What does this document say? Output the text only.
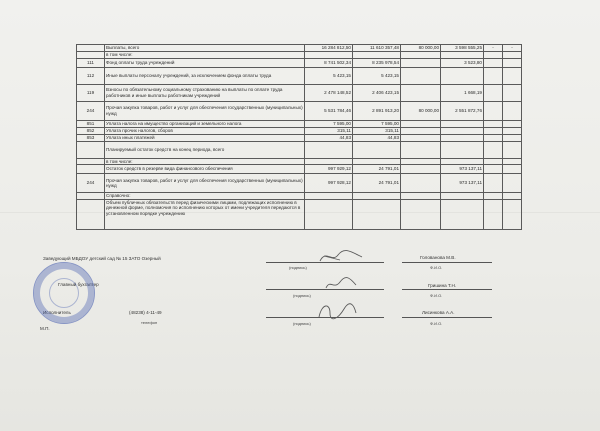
	Выплаты, всего	16 284 812,50	11 610 357,48	80 000,00	3 598 555,25	-	-
	в том числе:						
111	Фонд оплаты труда учреждений	8 741 502,34	8 235 978,54		3 523,80		
112	Иные выплаты персоналу учреждений, за исключением фонда оплаты труда	5 423,15	5 423,15				
119	Взносы по обязательному социальному страхованию на выплаты по оплате труда работников и иные выплаты работникам учреждений	2 478 148,52	2 406 423,15		1 668,19		
244	Прочая закупка товаров, работ и услуг для обеспечения государственных (муниципальных) нужд	5 531 784,46	2 891 913,20	80 000,00	2 551 872,76		
851	Уплата налога на имущество организаций и земельного налога	7 595,00	7 595,00				
852	Уплата прочих налогов, сборов	315,11	315,11				
853	Уплата иных платежей	44,83	44,83				
	Планируемый остаток средств на конец периода, всего						
	в том числе:						
	Остаток средств в резерве вида финансового обеспечения	997 929,12	24 791,01		973 137,11		
244	Прочая закупка товаров, работ и услуг для обеспечения государственных (муниципальных) нужд	997 928,12	24 791,01		973 137,11		
	Справочно:						
	Объем публичных обязательств перед физическими лицами, подлежащих исполнению в денежной форме, полномочия по исполнению которых от имени учредителя передаются в установленном порядке учреждению						
Заведующий МБДОУ детский сад № 15 ЗАТО Озерный
(подпись)
Голованова М.В.
Ф.И.О.
Главный бухгалтер
(подпись)
Гришина Т.Н.
Ф.И.О.
Исполнитель	(48238) 4-11-49
телефон	(подпись)
Лисинкова А.А.
Ф.И.О.
М.П.
